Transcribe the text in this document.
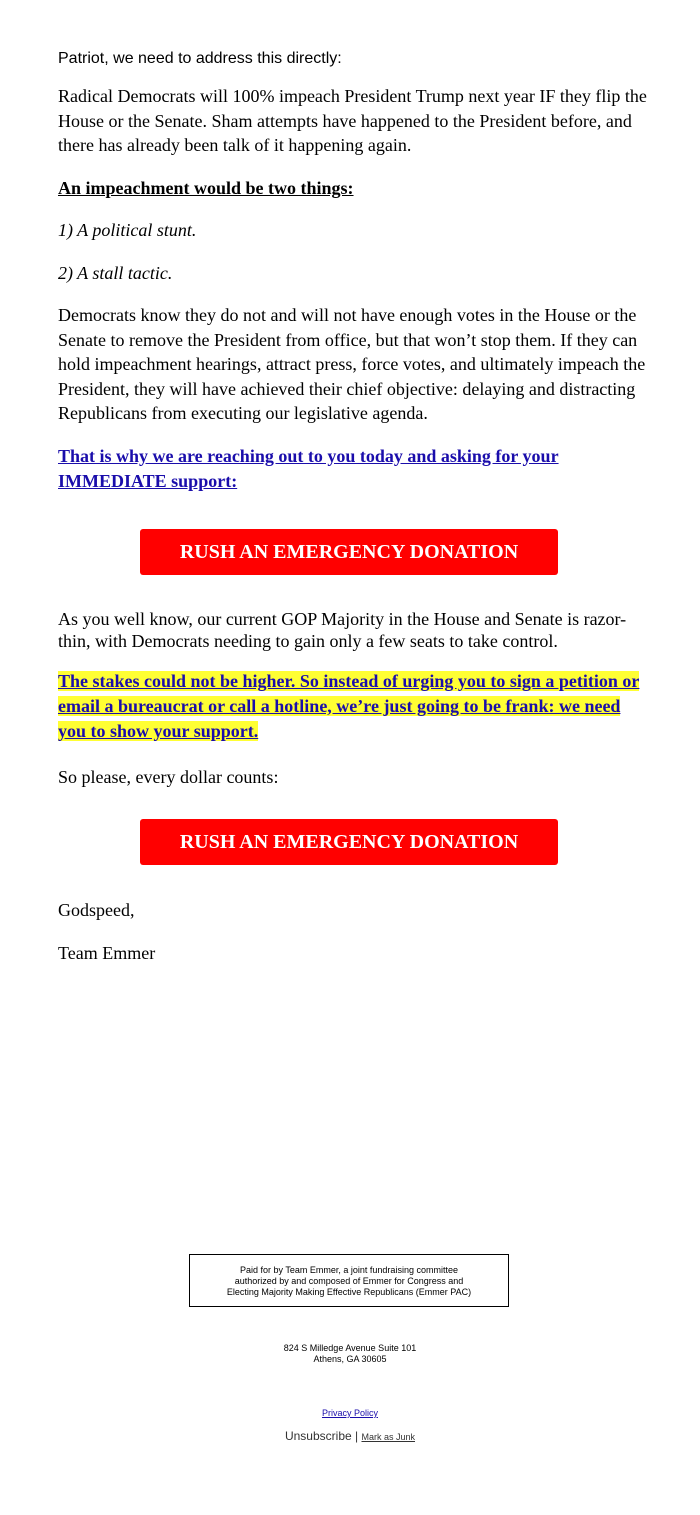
Patriot, we need to address this directly:

Radical Democrats will 100% impeach President Trump next year IF they flip the House or the Senate. Sham attempts have happened to the President before, and there has already been talk of it happening again.

An impeachment would be two things:

1) A political stunt.

2) A stall tactic.

Democrats know they do not and will not have enough votes in the House or the Senate to remove the President from office, but that won’t stop them. If they can hold impeachment hearings, attract press, force votes, and ultimately impeach the President, they will have achieved their chief objective: delaying and distracting Republicans from executing our legislative agenda.

That is why we are reaching out to you today and asking for your IMMEDIATE support:
RUSH AN EMERGENCY DONATION

As you well know, our current GOP Majority in the House and Senate is razor-thin, with Democrats needing to gain only a few seats to take control.

The stakes could not be higher. So instead of urging you to sign a petition or email a bureaucrat or call a hotline, we’re just going to be frank: we need you to show your support.

So please, every dollar counts:

RUSH AN EMERGENCY DONATION

Godspeed,

Team Emmer

Paid for by Team Emmer, a joint fundraising committee
authorized by and composed of Emmer for Congress and
Electing Majority Making Effective Republicans (Emmer PAC)
824 S Milledge Avenue Suite 101
Athens, GA 30605
Privacy Policy
Unsubscribe | Mark as Junk
